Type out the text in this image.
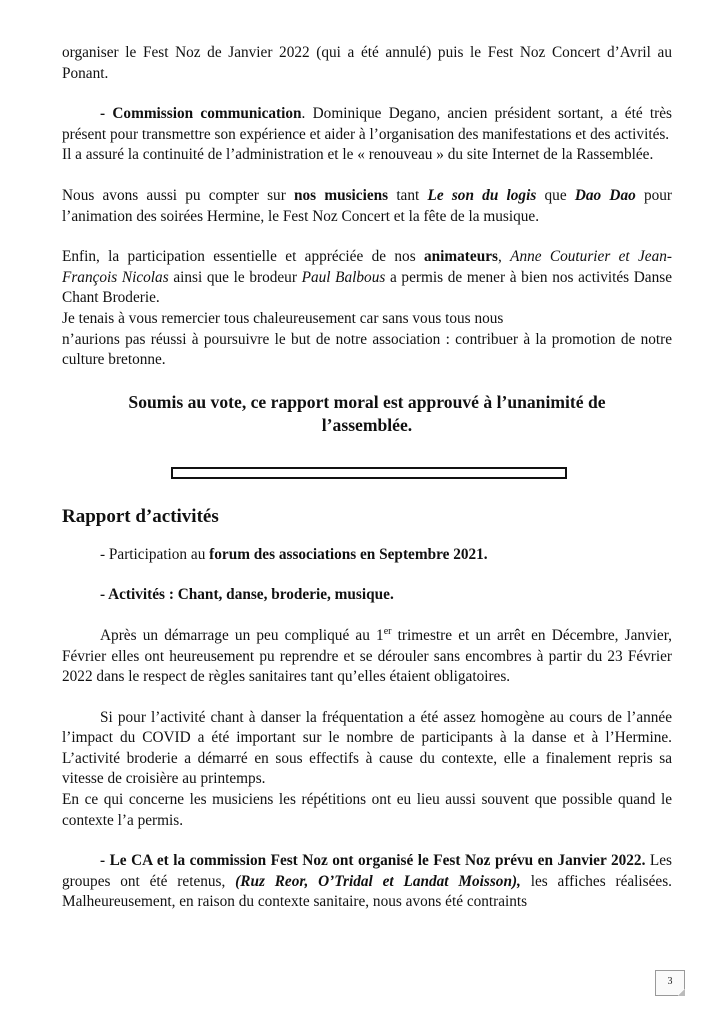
organiser le Fest Noz de Janvier 2022 (qui a été annulé) puis le Fest Noz Concert d’Avril au Ponant.

- Commission communication. Dominique Degano, ancien président sortant, a été très présent pour transmettre son expérience et aider à l’organisation des manifestations et des activités.

Il a assuré la continuité de l’administration et le « renouveau » du site Internet de la Rassemblée.

Nous avons aussi pu compter sur nos musiciens tant Le son du logis que Dao Dao pour l’animation des soirées Hermine, le Fest Noz Concert et la fête de la musique.

Enfin, la participation essentielle et appréciée de nos animateurs, Anne Couturier et Jean-François Nicolas ainsi que le brodeur Paul Balbous a permis de mener à bien nos activités Danse Chant Broderie.

Je tenais à vous remercier tous chaleureusement car sans vous tous nous

n’aurions pas réussi à poursuivre le but de notre association : contribuer à la promotion de notre culture bretonne.

Soumis au vote, ce rapport moral est approuvé à l’unanimité de l’assemblée.

Rapport d’activités

- Participation au forum des associations en Septembre 2021.

- Activités : Chant, danse, broderie, musique.

Après un démarrage un peu compliqué au 1er trimestre et un arrêt en Décembre, Janvier, Février elles ont heureusement pu reprendre et se dérouler sans encombres à partir du 23 Février 2022 dans le respect de règles sanitaires tant qu’elles étaient obligatoires.

Si pour l’activité chant à danser la fréquentation a été assez homogène au cours de l’année l’impact du COVID a été important sur le nombre de participants à la danse et à l’Hermine. L’activité broderie a démarré en sous effectifs à cause du contexte, elle a finalement repris sa vitesse de croisière au printemps.

En ce qui concerne les musiciens les répétitions ont eu lieu aussi souvent que possible quand le contexte l’a permis.

- Le CA et la commission Fest Noz ont organisé le Fest Noz prévu en Janvier 2022. Les groupes ont été retenus, (Ruz Reor, O’Tridal et Landat Moisson), les affiches réalisées. Malheureusement, en raison du contexte sanitaire, nous avons été contraints

3
